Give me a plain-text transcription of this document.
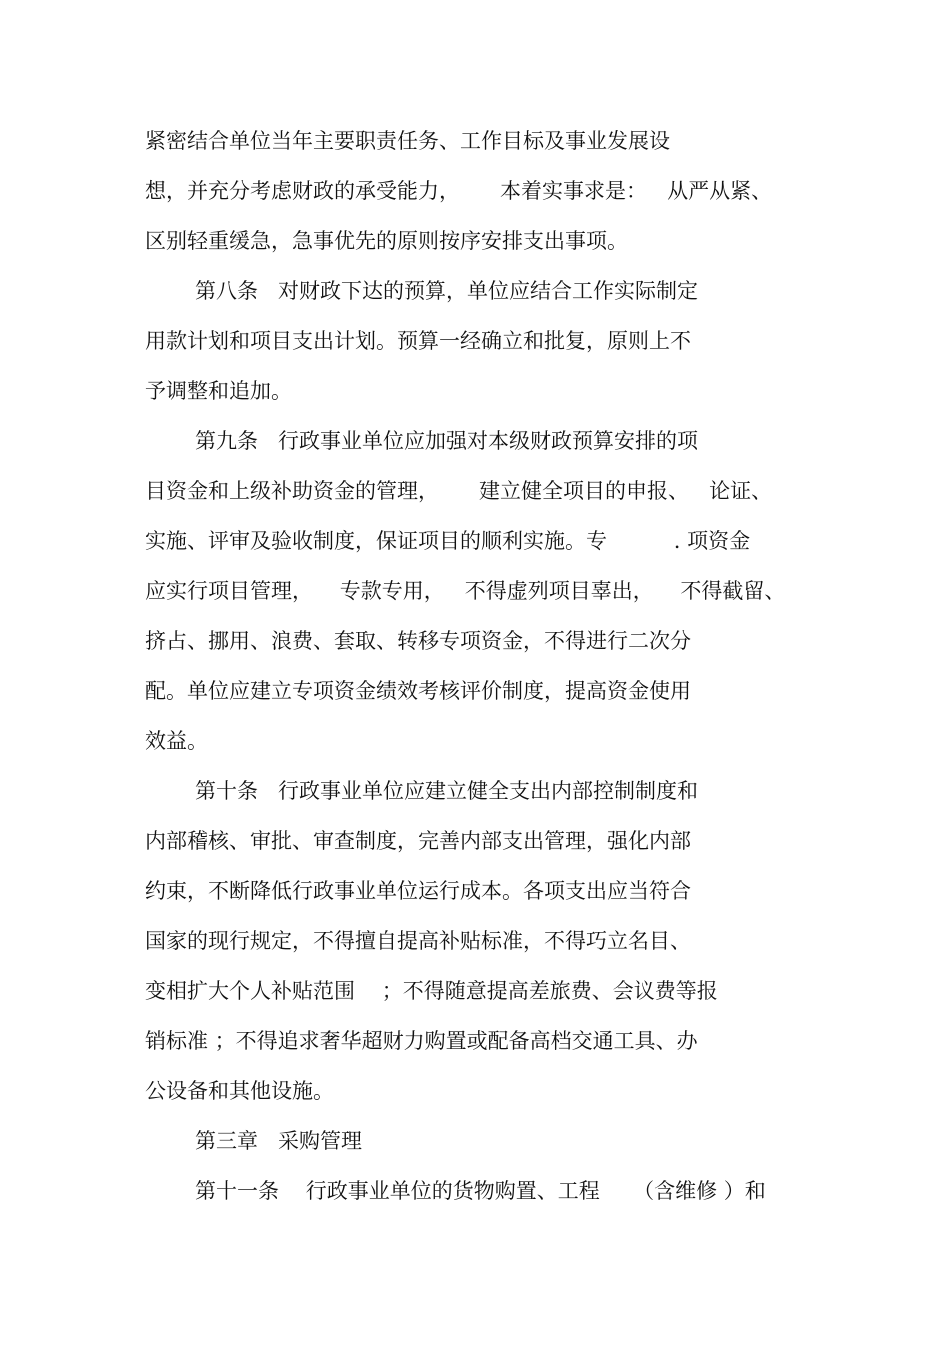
紧密结合单位当年主要职责任务、工作目标及事业发展设
想，并充分考虑财政的承受能力，      本着实事求是：   从严从紧、
区别轻重缓急，急事优先的原则按序安排支出事项。
第八条   对财政下达的预算，单位应结合工作实际制定
用款计划和项目支出计划。预算一经确立和批复，原则上不
予调整和追加。
第九条   行政事业单位应加强对本级财政预算安排的项
目资金和上级补助资金的管理，      建立健全项目的申报、   论证、
实施、评审及验收制度，保证项目的顺利实施。专          . 项资金
应实行项目管理，    专款专用，   不得虚列项目辜出，    不得截留、
挤占、挪用、浪费、套取、转移专项资金，不得进行二次分
配。单位应建立专项资金绩效考核评价制度，提高资金使用
效益。
第十条   行政事业单位应建立健全支出内部控制制度和
内部稽核、审批、审查制度，完善内部支出管理，强化内部
约束，不断降低行政事业单位运行成本。各项支出应当符合
国家的现行规定，不得擅自提高补贴标准，不得巧立名目、
变相扩大个人补贴范围    ；不得随意提高差旅费、会议费等报
销标准 ；不得追求奢华超财力购置或配备高档交通工具、办
公设备和其他设施。
第三章   采购管理
第十一条    行政事业单位的货物购置、工程     （含维修 ）和
